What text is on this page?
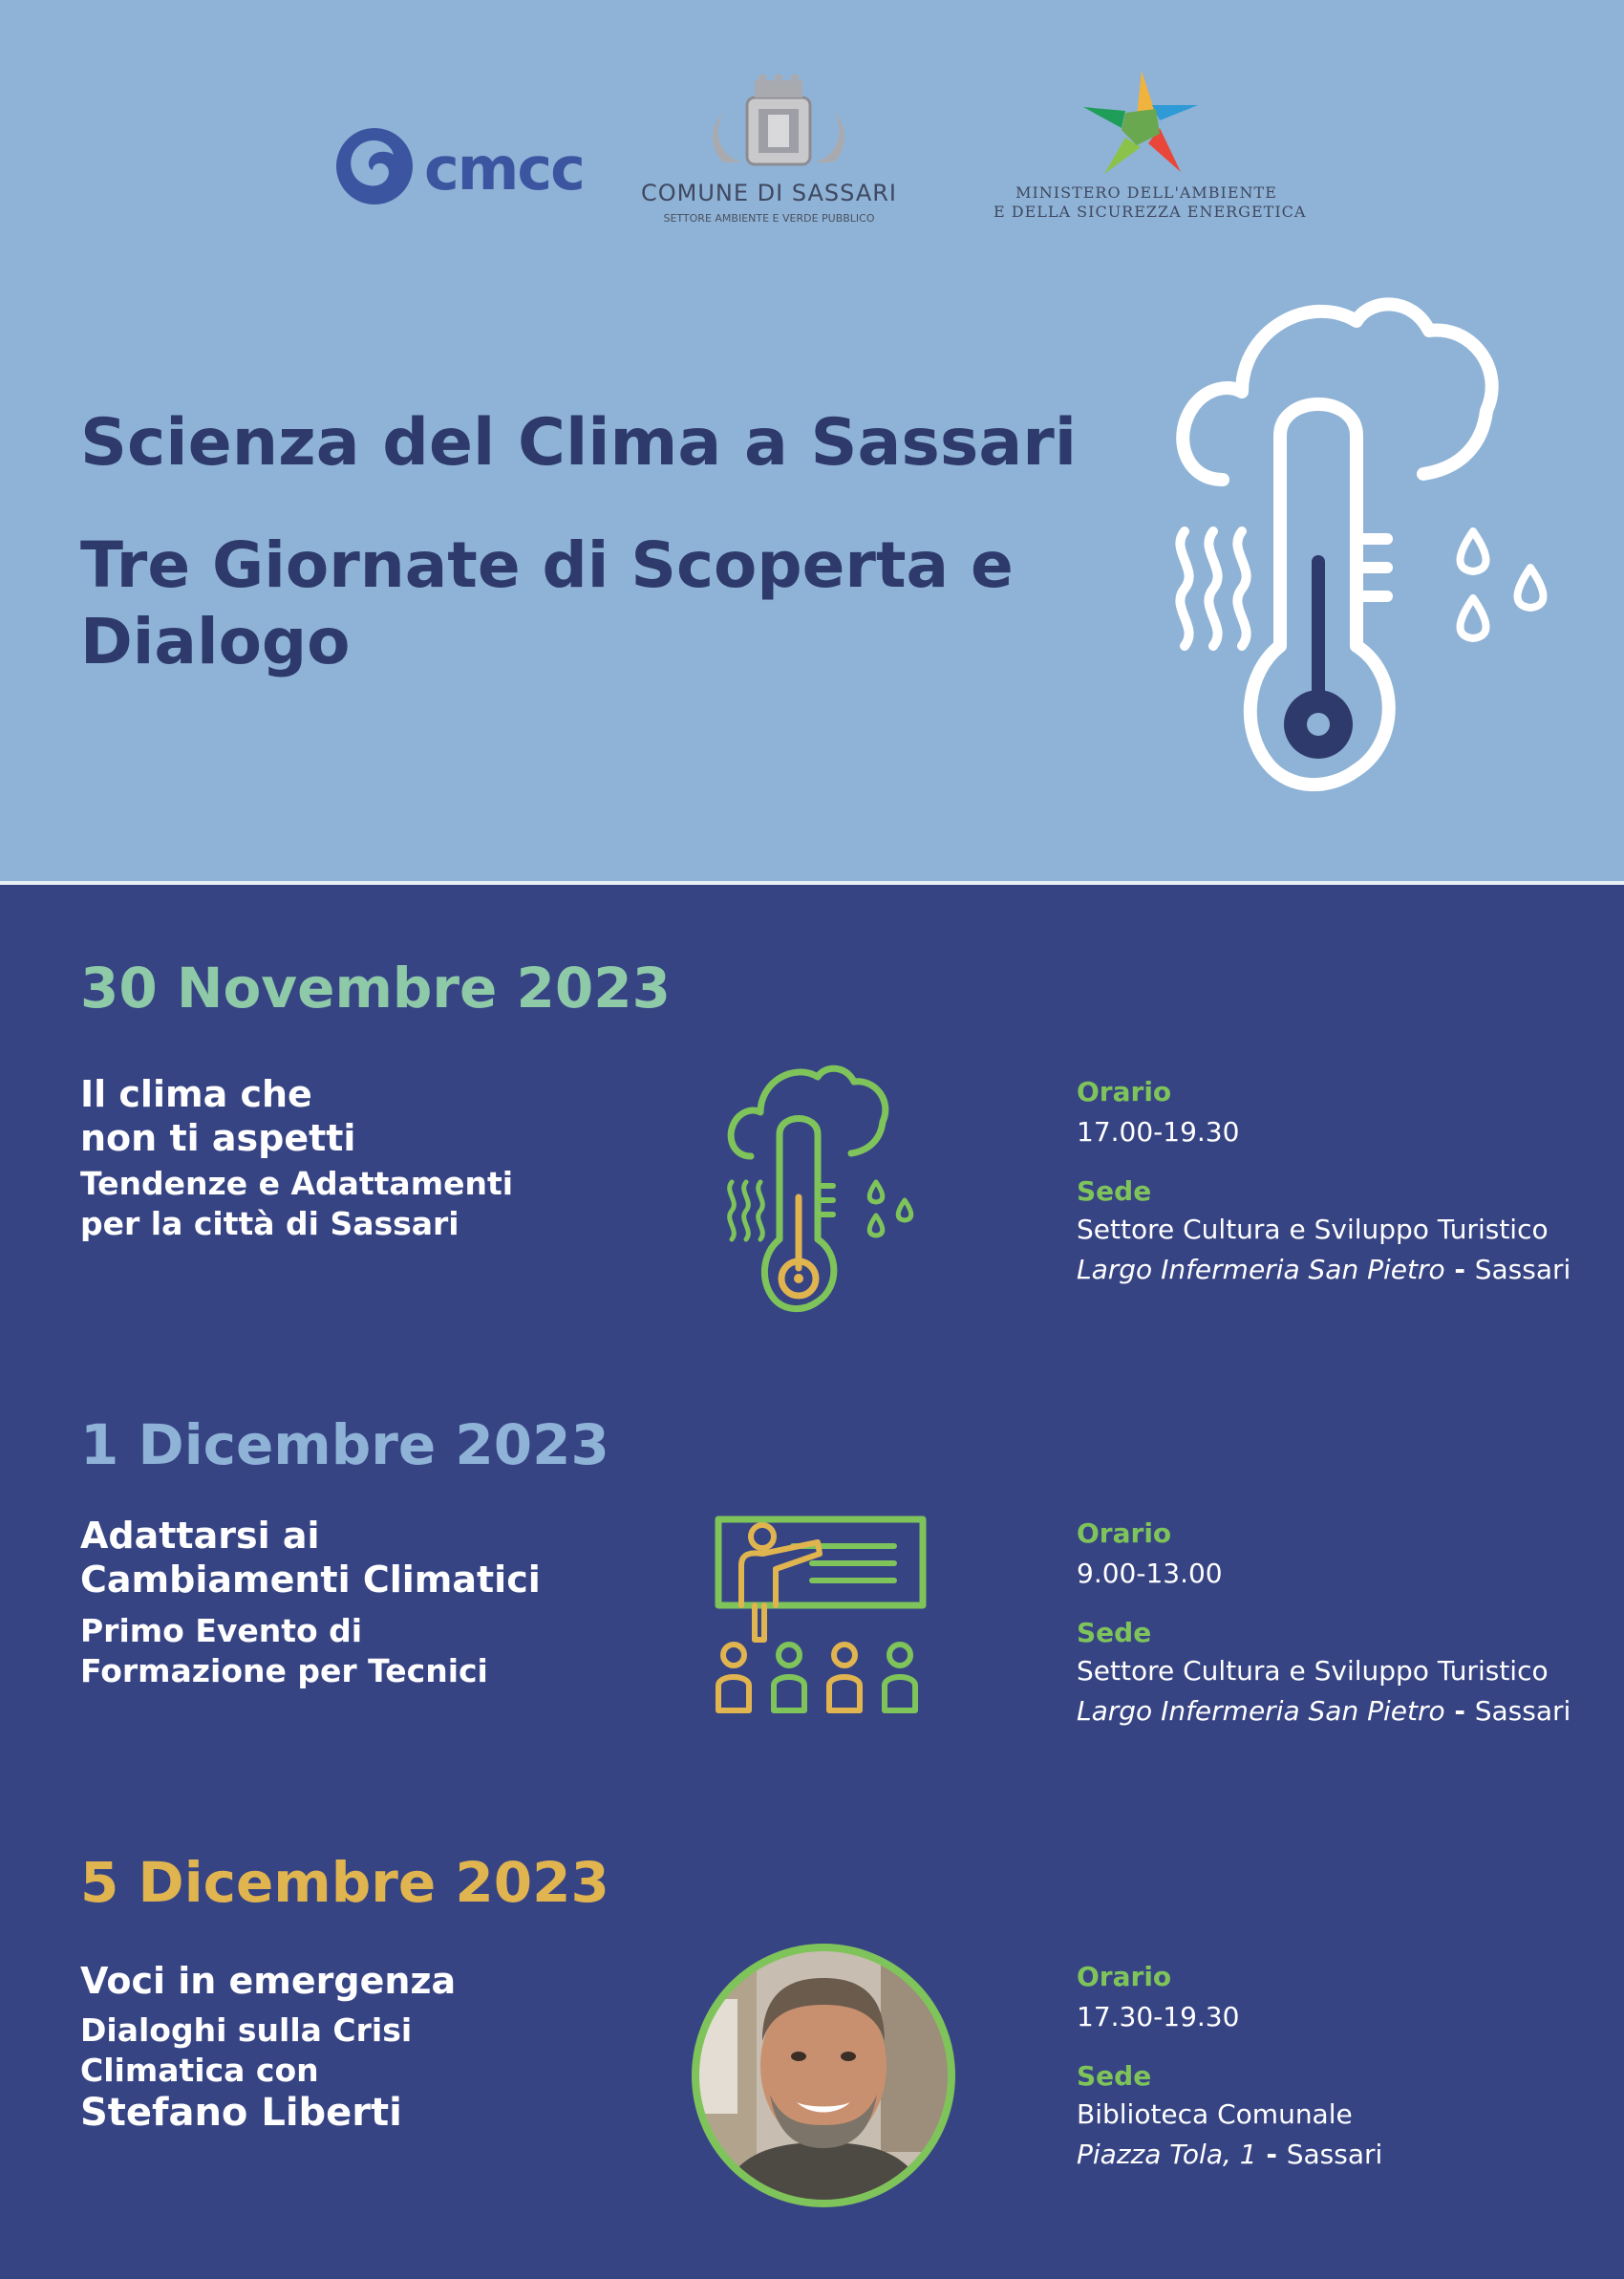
cmcc	COMUNE DI SASSARI
SETTORE AMBIENTE E VERDE PUBBLICO
MINISTERO DELL'AMBIENTE
E DELLA SICUREZZA ENERGETICA
Scienza del Clima a Sassari
Tre Giornate di Scoperta e Dialogo
30 Novembre 2023
Il clima che
non ti aspetti
Tendenze e Adattamenti
per la città di Sassari
Orario
17.00-19.30
Sede
Settore Cultura e Sviluppo Turistico
Largo Infermeria San Pietro - Sassari
1 Dicembre 2023
Adattarsi ai
Cambiamenti Climatici
Primo Evento di
Formazione per Tecnici
Orario
9.00-13.00
Sede
Settore Cultura e Sviluppo Turistico
Largo Infermeria San Pietro - Sassari
5 Dicembre 2023
Voci in emergenza
Dialoghi sulla Crisi
Climatica con
Stefano Liberti
Orario
17.30-19.30
Sede
Biblioteca Comunale
Piazza Tola, 1 - Sassari
